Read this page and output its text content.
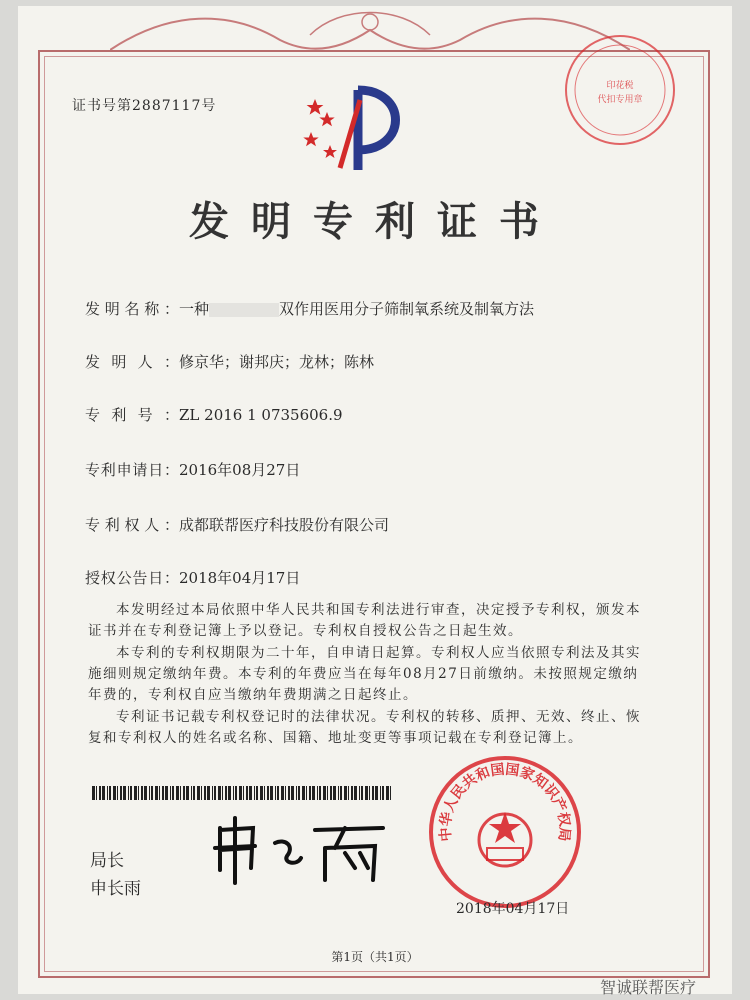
印花税
代扣专用章
证书号第2887117号
发明专利证书
发明名称：一种	双作用医用分子筛制氧系统及制氧方法
发明人：修京华；谢邦庆；龙林；陈林
专利号：ZL 2016 1 0735606.9
专利申请日：2016年08月27日
专利权人：成都联帮医疗科技股份有限公司
授权公告日：2018年04月17日
本发明经过本局依照中华人民共和国专利法进行审查，决定授予专利权，颁发本证书并在专利登记簿上予以登记。专利权自授权公告之日起生效。
本专利的专利权期限为二十年，自申请日起算。专利权人应当依照专利法及其实施细则规定缴纳年费。本专利的年费应当在每年08月27日前缴纳。未按照规定缴纳年费的，专利权自应当缴纳年费期满之日起终止。
专利证书记载专利权登记时的法律状况。专利权的转移、质押、无效、终止、恢复和专利权人的姓名或名称、国籍、地址变更等事项记载在专利登记簿上。
局长
申长雨
中华人民共和国国家知识产权局
2018年04月17日
第1页（共1页）
智诚联帮医疗
